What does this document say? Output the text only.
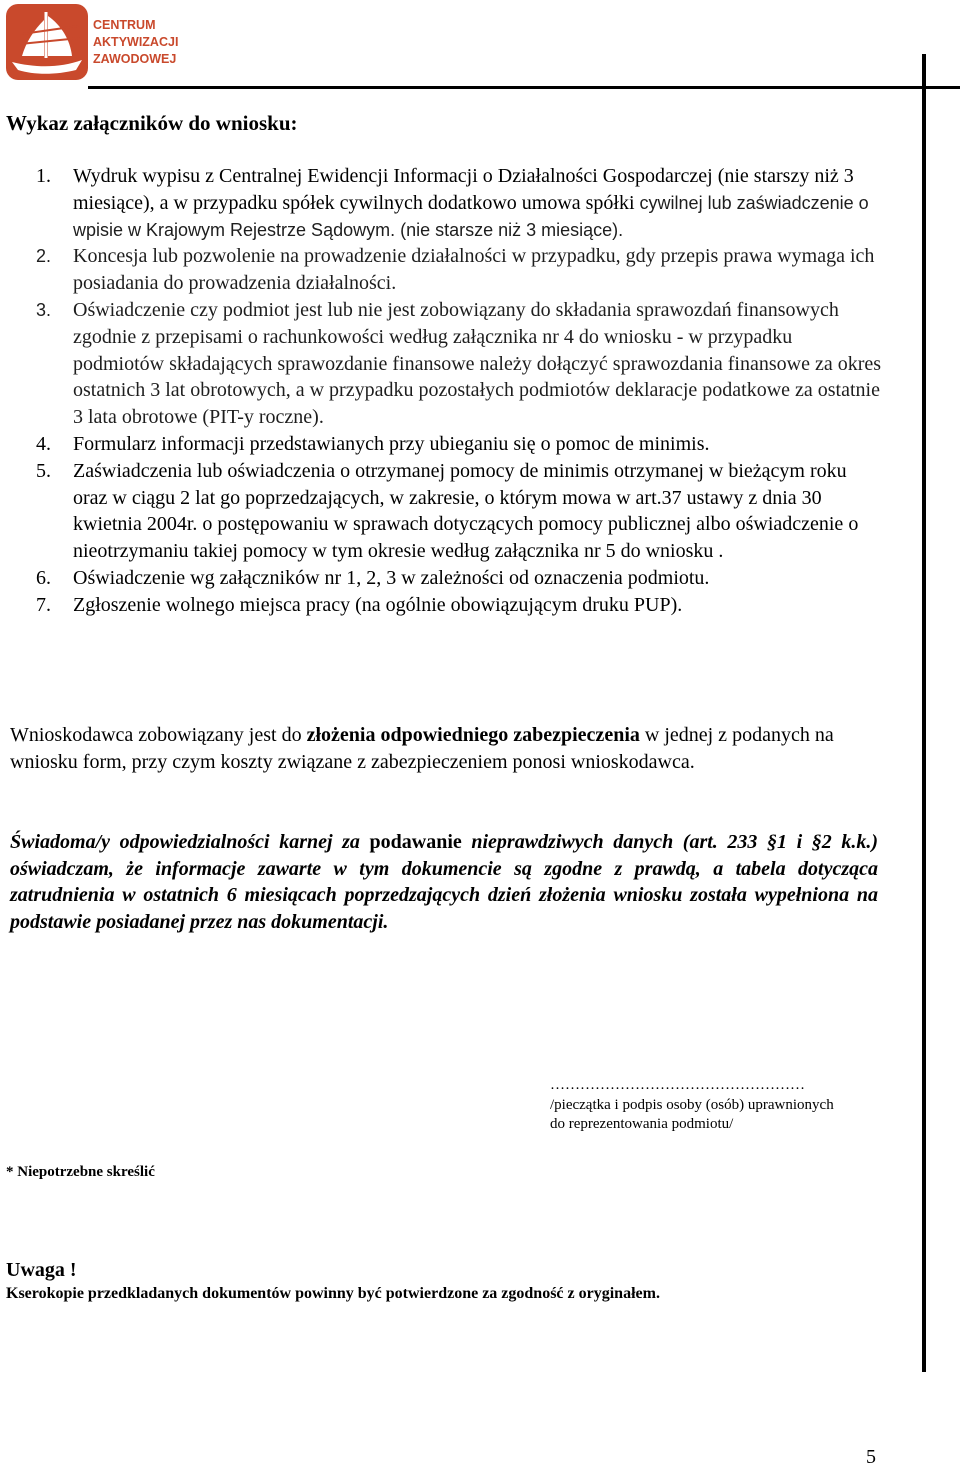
CENTRUM
AKTYWIZACJI
ZAWODOWEJ
Wykaz załączników do wniosku:
1.	Wydruk wypisu z Centralnej Ewidencji Informacji o Działalności Gospodarczej (nie starszy niż 3 miesiące), a w przypadku spółek cywilnych dodatkowo umowa spółki cywilnej lub zaświadczenie o wpisie w Krajowym Rejestrze Sądowym. (nie starsze niż 3 miesiące).
2.	Koncesja lub pozwolenie na prowadzenie działalności w przypadku, gdy przepis prawa wymaga ich posiadania do prowadzenia działalności.
3.	Oświadczenie czy podmiot jest lub nie jest zobowiązany do składania sprawozdań finansowych zgodnie z przepisami o rachunkowości według załącznika nr 4 do wniosku - w przypadku podmiotów składających sprawozdanie finansowe należy dołączyć sprawozdania finansowe za okres ostatnich 3 lat obrotowych, a w przypadku pozostałych podmiotów deklaracje podatkowe za ostatnie 3 lata obrotowe (PIT-y roczne).
4.	Formularz informacji przedstawianych przy ubieganiu się o pomoc de minimis.
5.	Zaświadczenia lub oświadczenia o otrzymanej pomocy de minimis otrzymanej w bieżącym roku oraz w ciągu 2 lat go poprzedzających, w zakresie, o którym mowa w art.37 ustawy z dnia 30 kwietnia 2004r. o postępowaniu w sprawach dotyczących pomocy publicznej albo oświadczenie o nieotrzymaniu takiej pomocy w tym okresie według załącznika nr 5 do wniosku .
6.	Oświadczenie wg załączników nr 1, 2, 3 w zależności od oznaczenia podmiotu.
7.	Zgłoszenie wolnego miejsca pracy (na ogólnie obowiązującym druku PUP).
Wnioskodawca zobowiązany jest do złożenia odpowiedniego zabezpieczenia w jednej z podanych na wniosku form, przy czym koszty związane z zabezpieczeniem ponosi wnioskodawca.
Świadoma/y odpowiedzialności karnej za podawanie nieprawdziwych danych (art. 233 §1 i §2 k.k.) oświadczam, że informacje zawarte w tym dokumencie są zgodne z prawdą, a tabela dotycząca zatrudnienia w ostatnich 6 miesiącach poprzedzających dzień złożenia wniosku została wypełniona na podstawie posiadanej przez nas dokumentacji.
……………………………………………
/pieczątka i podpis osoby (osób) uprawnionych
do reprezentowania podmiotu/
* Niepotrzebne skreślić
Uwaga !
Kserokopie przedkladanych dokumentów powinny być potwierdzone za zgodność z oryginałem.
5
